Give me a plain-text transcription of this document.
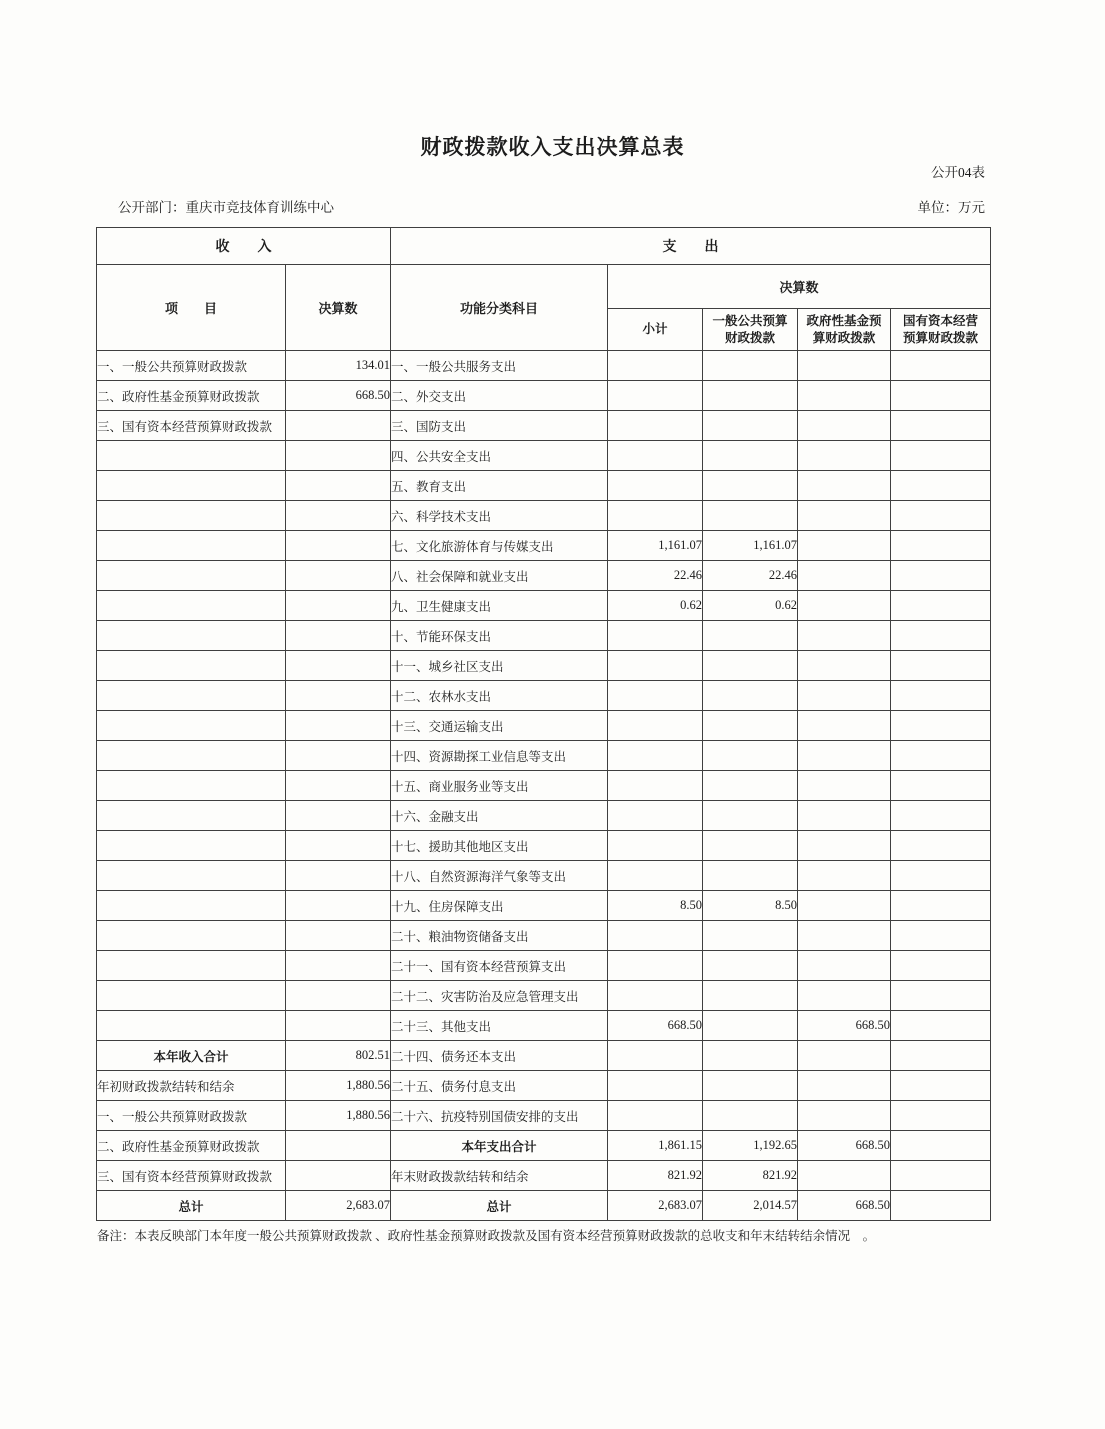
财政拨款收入支出决算总表
公开04表
公开部门：重庆市竞技体育训练中心	单位：万元
收　　入		支　　出				
项　　目	决算数	功能分类科目	决算数			
			小计	一般公共预算财政拨款	政府性基金预算财政拨款	国有资本经营预算财政拨款
一、一般公共预算财政拨款	134.01	一、一般公共服务支出				
二、政府性基金预算财政拨款	668.50	二、外交支出				
三、国有资本经营预算财政拨款		三、国防支出				
		四、公共安全支出				
		五、教育支出				
		六、科学技术支出				
		七、文化旅游体育与传媒支出	1,161.07	1,161.07		
		八、社会保障和就业支出	22.46	22.46		
		九、卫生健康支出	0.62	0.62		
		十、节能环保支出				
		十一、城乡社区支出				
		十二、农林水支出				
		十三、交通运输支出				
		十四、资源勘探工业信息等支出				
		十五、商业服务业等支出				
		十六、金融支出				
		十七、援助其他地区支出				
		十八、自然资源海洋气象等支出				
		十九、住房保障支出	8.50	8.50		
		二十、粮油物资储备支出				
		二十一、国有资本经营预算支出				
		二十二、灾害防治及应急管理支出				
		二十三、其他支出	668.50		668.50	
本年收入合计	802.51	二十四、债务还本支出				
年初财政拨款结转和结余	1,880.56	二十五、债务付息支出				
一、一般公共预算财政拨款	1,880.56	二十六、抗疫特别国债安排的支出				
二、政府性基金预算财政拨款		本年支出合计	1,861.15	1,192.65	668.50	
三、国有资本经营预算财政拨款		年末财政拨款结转和结余	821.92	821.92		
总计	2,683.07	总计	2,683.07	2,014.57	668.50	
备注：本表反映部门本年度一般公共预算财政拨款 、政府性基金预算财政拨款及国有资本经营预算财政拨款的总收支和年末结转结余情况　。
